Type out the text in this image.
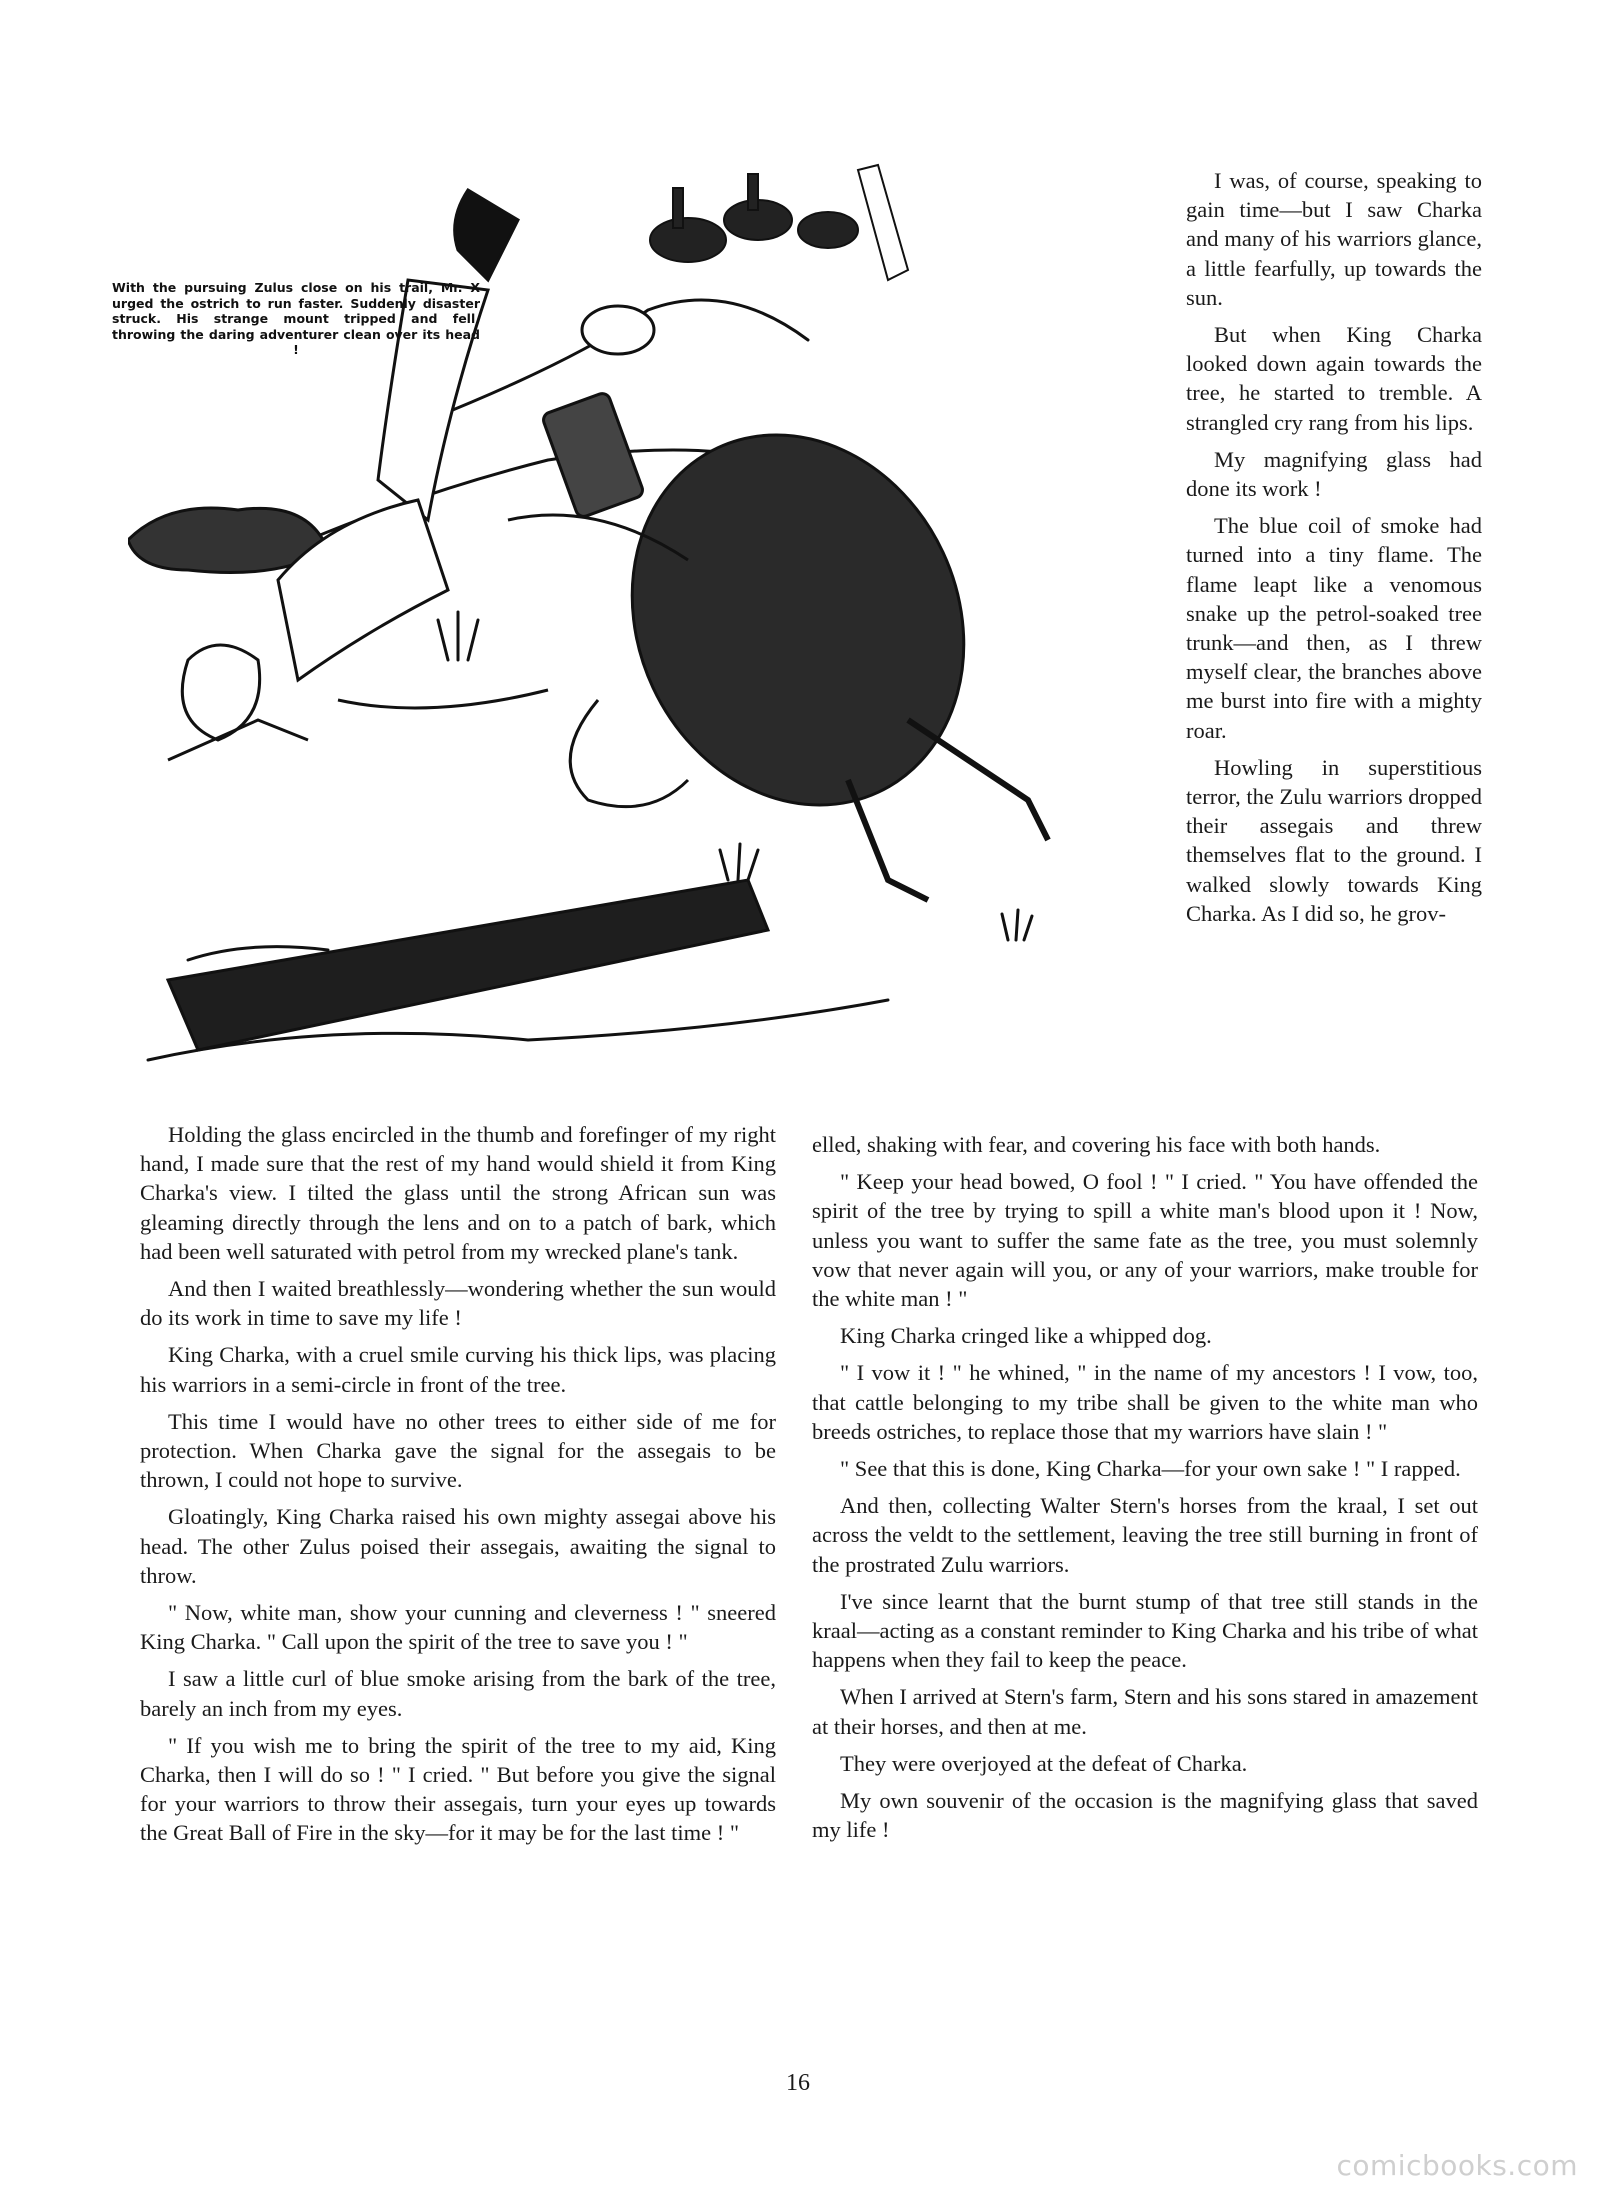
With the pursuing Zulus close on his trail, Mr. X urged the ostrich to run faster. Suddenly disaster struck. His strange mount tripped and fell, throwing the daring adventurer clean over its head !

I was, of course, speaking to gain time—but I saw Charka and many of his warriors glance, a little fearfully, up towards the sun.

But when King Charka looked down again towards the tree, he started to tremble. A strangled cry rang from his lips.

My magnifying glass had done its work !

The blue coil of smoke had turned into a tiny flame. The flame leapt like a venomous snake up the petrol-soaked tree trunk—and then, as I threw myself clear, the branches above me burst into fire with a mighty roar.

Howling in superstitious terror, the Zulu warriors dropped their assegais and threw themselves flat to the ground. I walked slowly towards King Charka. As I did so, he grov-

Holding the glass encircled in the thumb and forefinger of my right hand, I made sure that the rest of my hand would shield it from King Charka's view. I tilted the glass until the strong African sun was gleaming directly through the lens and on to a patch of bark, which had been well saturated with petrol from my wrecked plane's tank.

And then I waited breathlessly—wondering whether the sun would do its work in time to save my life !

King Charka, with a cruel smile curving his thick lips, was placing his warriors in a semi-circle in front of the tree.

This time I would have no other trees to either side of me for protection. When Charka gave the signal for the assegais to be thrown, I could not hope to survive.

Gloatingly, King Charka raised his own mighty assegai above his head. The other Zulus poised their assegais, awaiting the signal to throw.

" Now, white man, show your cunning and cleverness ! " sneered King Charka. " Call upon the spirit of the tree to save you ! "

I saw a little curl of blue smoke arising from the bark of the tree, barely an inch from my eyes.

" If you wish me to bring the spirit of the tree to my aid, King Charka, then I will do so ! " I cried. " But before you give the signal for your warriors to throw their assegais, turn your eyes up towards the Great Ball of Fire in the sky—for it may be for the last time ! "

elled, shaking with fear, and covering his face with both hands.

" Keep your head bowed, O fool ! " I cried. " You have offended the spirit of the tree by trying to spill a white man's blood upon it ! Now, unless you want to suffer the same fate as the tree, you must solemnly vow that never again will you, or any of your warriors, make trouble for the white man ! "

King Charka cringed like a whipped dog.

" I vow it ! " he whined, " in the name of my ancestors ! I vow, too, that cattle belonging to my tribe shall be given to the white man who breeds ostriches, to replace those that my warriors have slain ! "

" See that this is done, King Charka—for your own sake ! " I rapped.

And then, collecting Walter Stern's horses from the kraal, I set out across the veldt to the settlement, leaving the tree still burning in front of the prostrated Zulu warriors.

I've since learnt that the burnt stump of that tree still stands in the kraal—acting as a constant reminder to King Charka and his tribe of what happens when they fail to keep the peace.

When I arrived at Stern's farm, Stern and his sons stared in amazement at their horses, and then at me.

They were overjoyed at the defeat of Charka.

My own souvenir of the occasion is the magnifying glass that saved my life !

16
comicbooks.com
